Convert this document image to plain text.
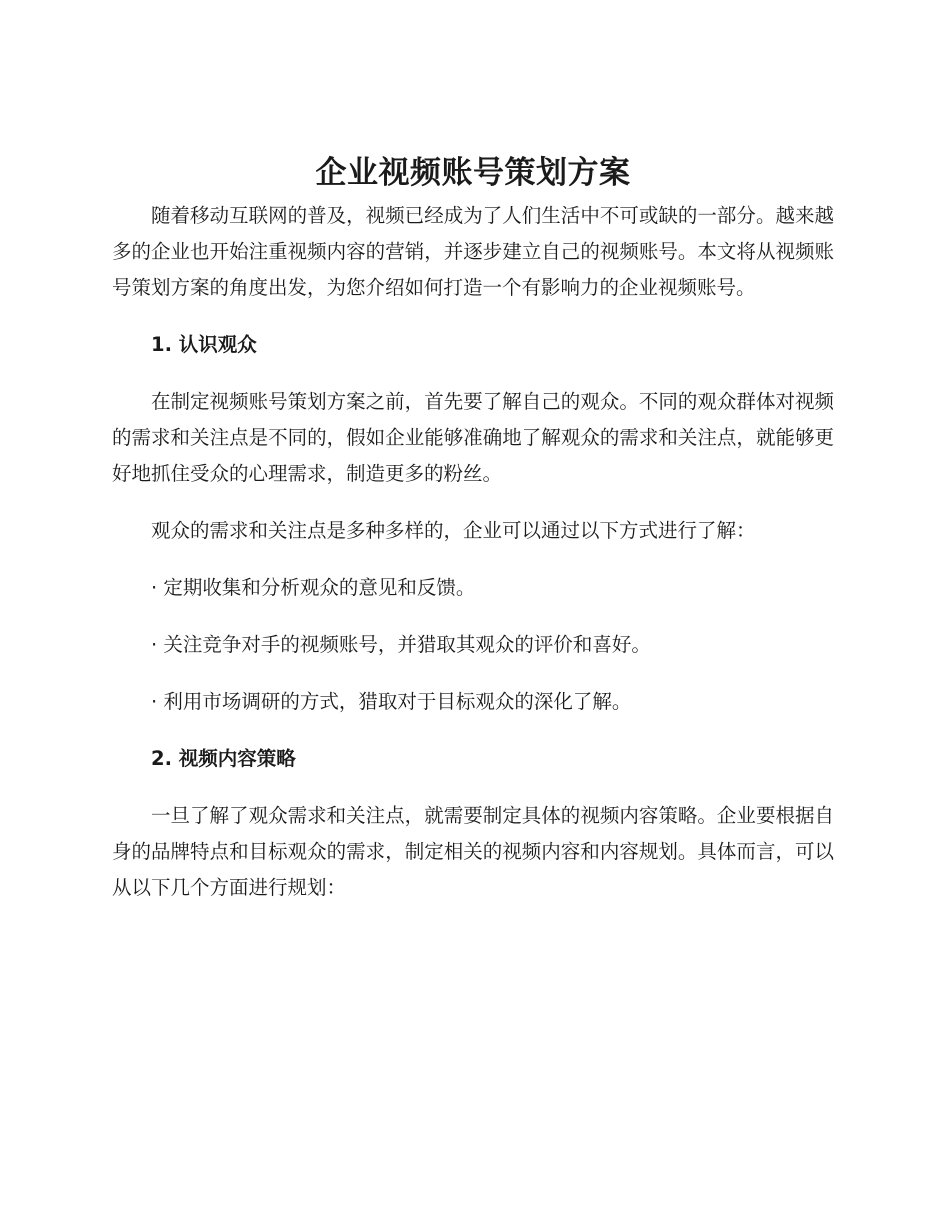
企业视频账号策划方案

随着移动互联网的普及，视频已经成为了人们生活中不可或缺的一部分。越来越多的企业也开始注重视频内容的营销，并逐步建立自己的视频账号。本文将从视频账号策划方案的角度出发，为您介绍如何打造一个有影响力的企业视频账号。

1. 认识观众

在制定视频账号策划方案之前，首先要了解自己的观众。不同的观众群体对视频的需求和关注点是不同的，假如企业能够准确地了解观众的需求和关注点，就能够更好地抓住受众的心理需求，制造更多的粉丝。

观众的需求和关注点是多种多样的，企业可以通过以下方式进行了解：

· 定期收集和分析观众的意见和反馈。

· 关注竞争对手的视频账号，并猎取其观众的评价和喜好。

· 利用市场调研的方式，猎取对于目标观众的深化了解。

2. 视频内容策略

一旦了解了观众需求和关注点，就需要制定具体的视频内容策略。企业要根据自身的品牌特点和目标观众的需求，制定相关的视频内容和内容规划。具体而言，可以从以下几个方面进行规划：
